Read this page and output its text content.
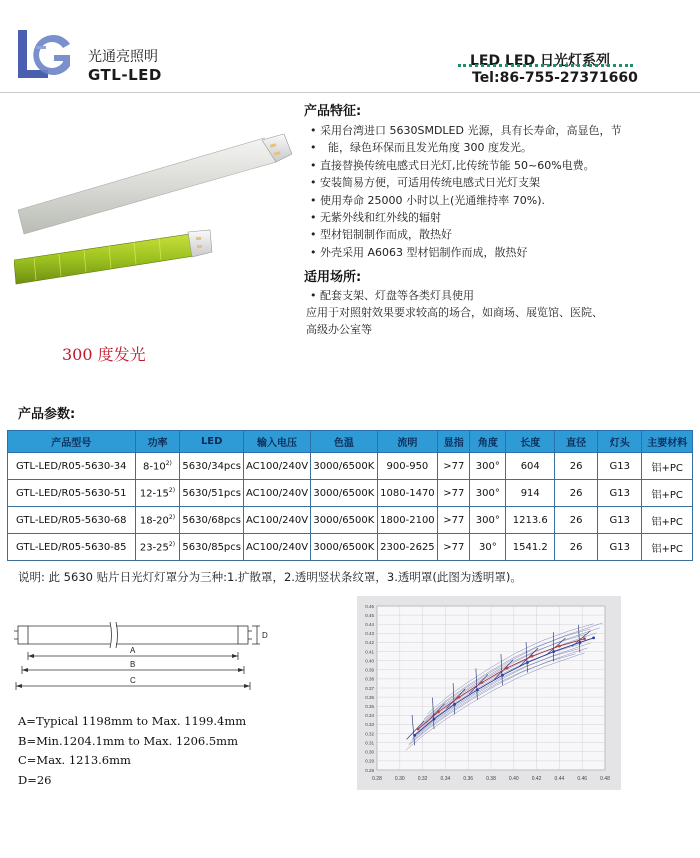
光通亮照明
GTL-LED
LED LED 日光灯系列
Tel:86-755-27371660
300 度发光
产品特征:
• 采用台湾进口 5630SMDLED 光源，具有长寿命，高显色，节
• 能，绿色环保而且发光角度 300 度发光。
• 直接替换传统电感式日光灯,比传统节能 50~60%电费。
• 安装简易方便，可适用传统电感式日光灯支架
• 使用寿命 25000 小时以上(光通维持率 70%).
• 无紫外线和红外线的辐射
• 型材铝制制作而成，散热好
• 外壳采用 A6063 型材铝制作而成，散热好
适用场所:
• 配套支架、灯盘等各类灯具使用
应用于对照射效果要求较高的场合，如商场、展览馆、医院、
高级办公室等
产品参数:
产品型号	功率	LED	输入电压	色温	流明	显指	角度	长度	直径	灯头	主要材料
GTL-LED/R05-5630-34	8-10$^{2)}$	5630/34pcs	AC100/240V	3000/6500K	900-950	>77	300°	604	26	G13	铝+PC
GTL-LED/R05-5630-51	12-15$^{2)}$	5630/51pcs	AC100/240V	3000/6500K	1080-1470	>77	300°	914	26	G13	铝+PC
GTL-LED/R05-5630-68	18-20$^{2)}$	5630/68pcs	AC100/240V	3000/6500K	1800-2100	>77	300°	1213.6	26	G13	铝+PC
GTL-LED/R05-5630-85	23-25$^{2)}$	5630/85pcs	AC100/240V	3000/6500K	2300-2625	>77	30°	1541.2	26	G13	铝+PC
说明: 此 5630 贴片日光灯灯罩分为三种:1.扩散罩，2.透明竖状条纹罩，3.透明罩(此图为透明罩)。
A
B
C
D
A=Typical 1198mm to Max. 1199.4mm
B=Min.1204.1mm to Max. 1206.5mm
C=Max. 1213.6mm
D=26	0.28	0.30	0.32	0.34	0.36	0.38	0.40	0.42	0.44	0.46	0.48
0.28
0.29
0.30
0.31
0.32
0.33
0.34
0.35
0.36
0.37
0.38
0.39
0.40
0.41
0.42
0.43
0.44
0.45
0.46
